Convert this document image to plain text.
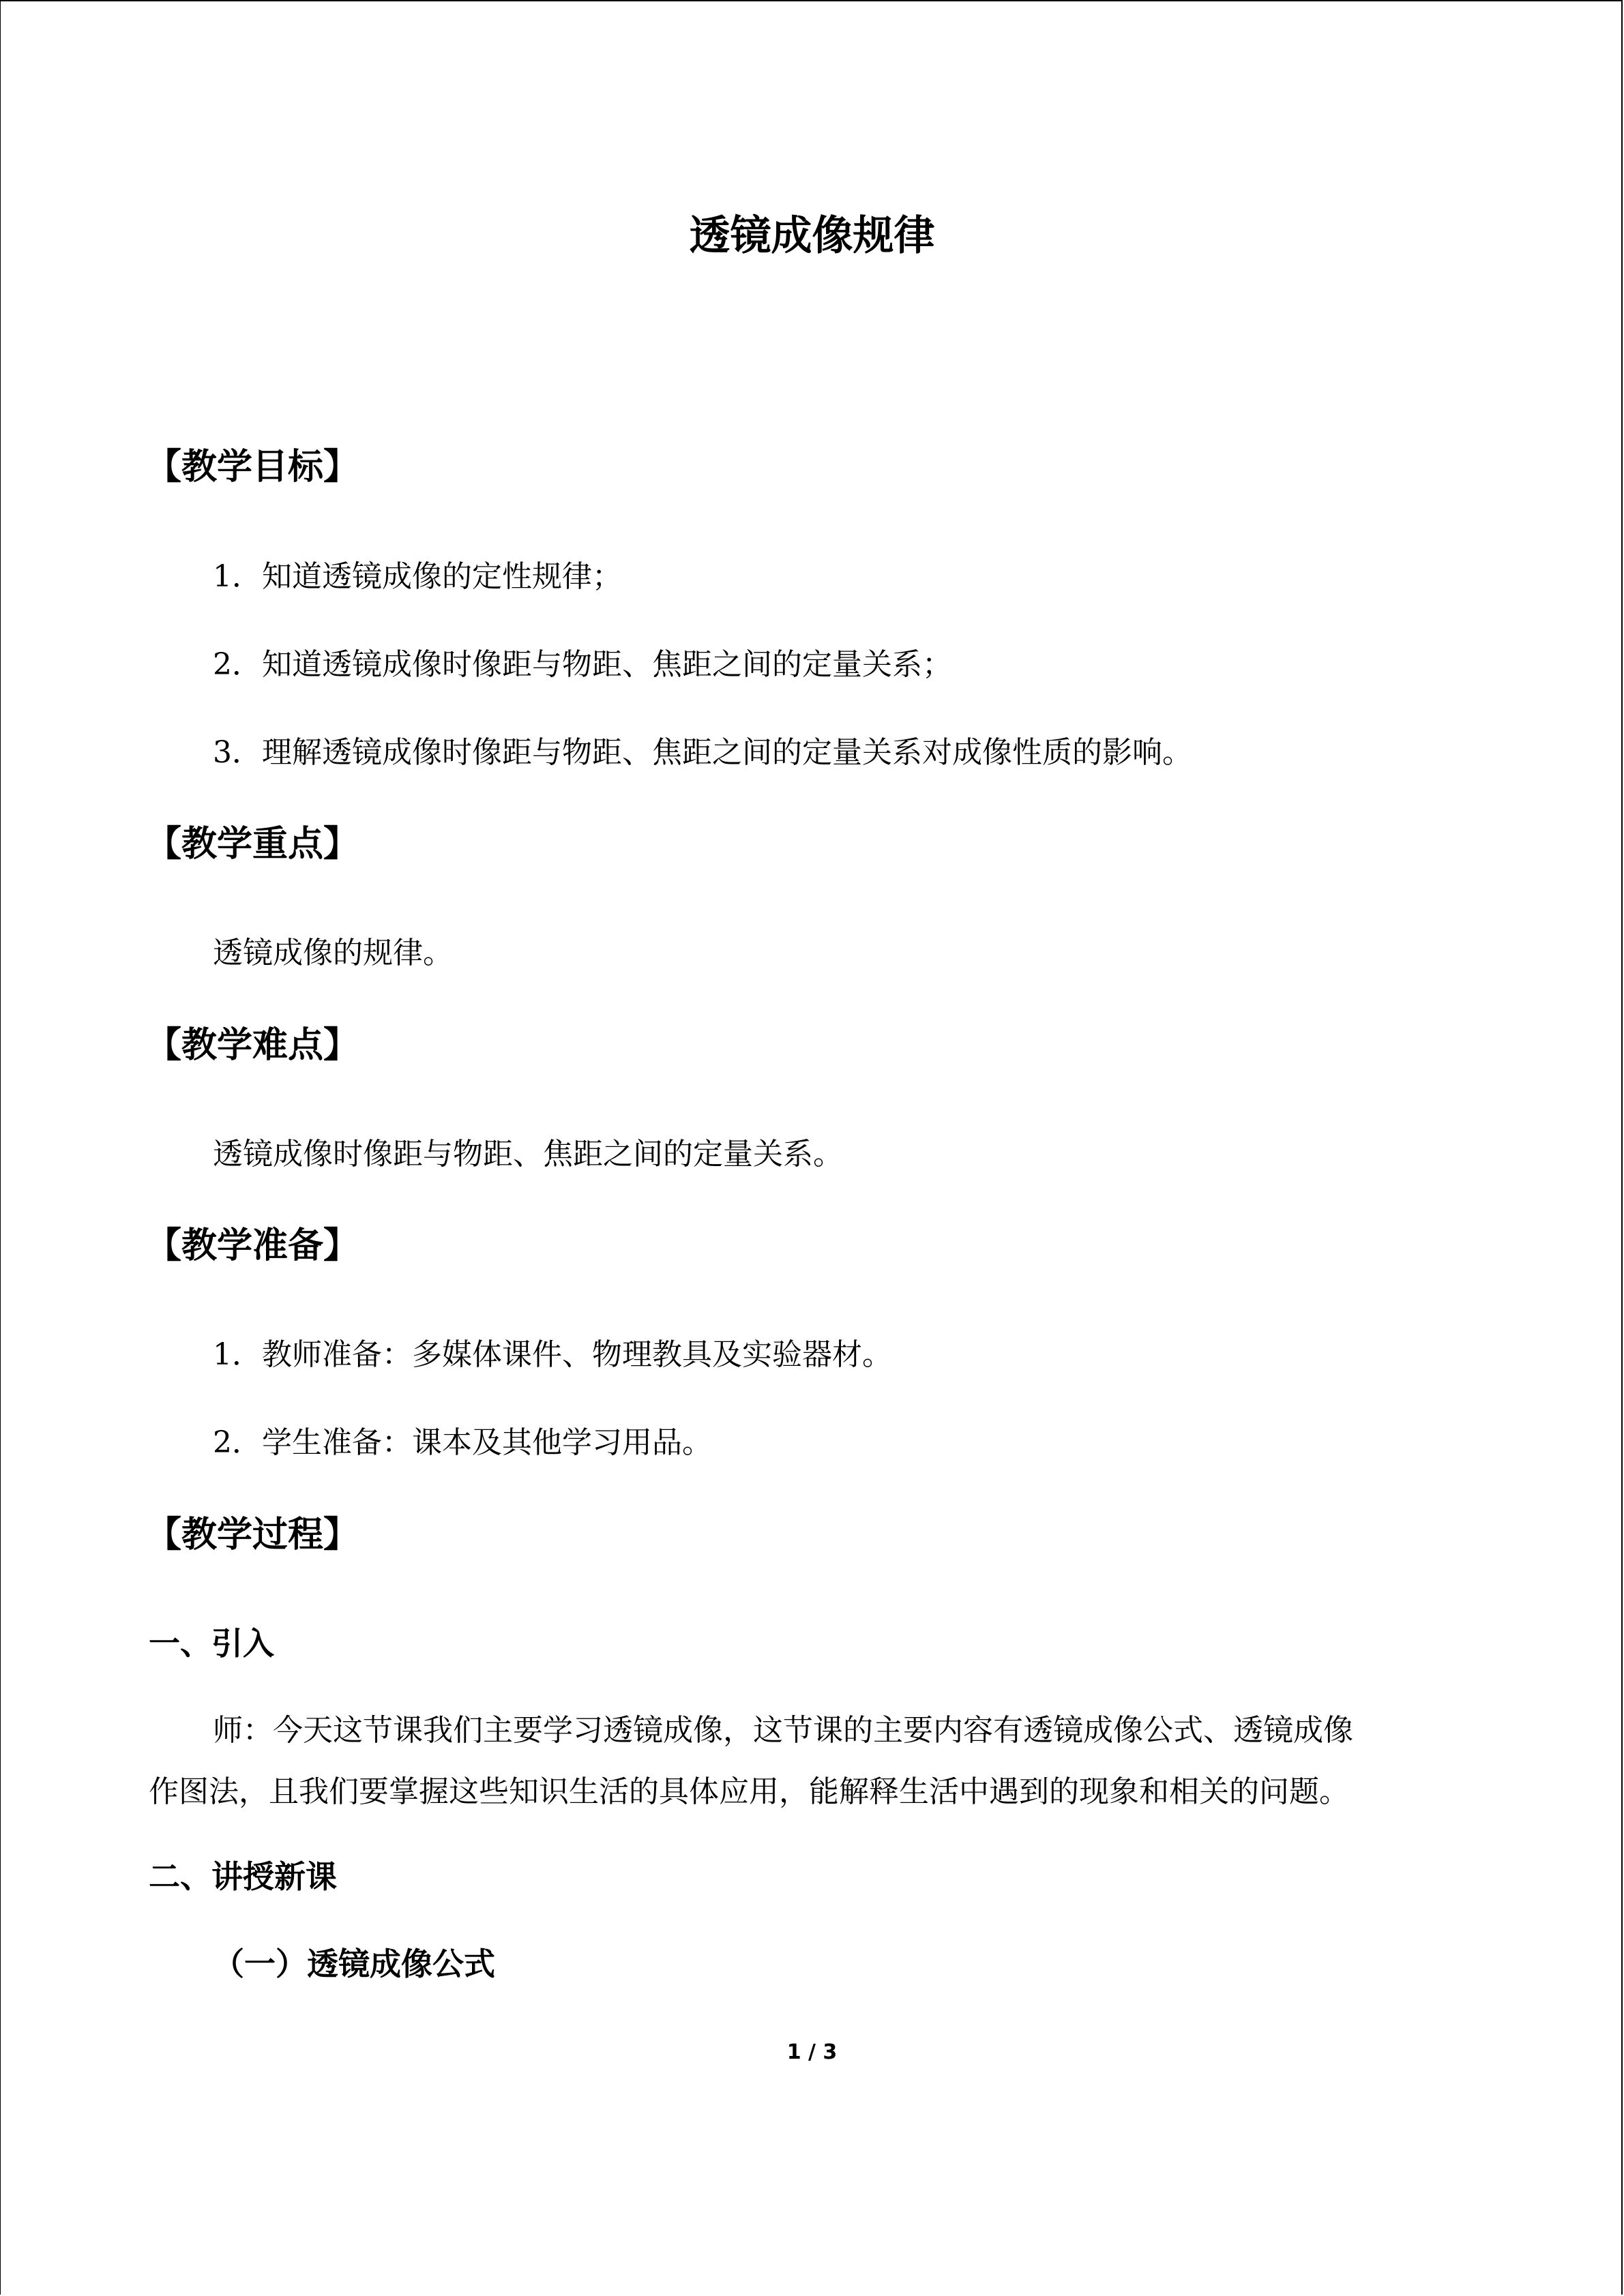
透镜成像规律
【教学目标】

1．知道透镜成像的定性规律；

2．知道透镜成像时像距与物距、焦距之间的定量关系；

3．理解透镜成像时像距与物距、焦距之间的定量关系对成像性质的影响。

【教学重点】

透镜成像的规律。

【教学难点】

透镜成像时像距与物距、焦距之间的定量关系。

【教学准备】

1．教师准备：多媒体课件、物理教具及实验器材。

2．学生准备：课本及其他学习用品。

【教学过程】
一、引入

师：今天这节课我们主要学习透镜成像，这节课的主要内容有透镜成像公式、透镜成像

作图法，且我们要掌握这些知识生活的具体应用，能解释生活中遇到的现象和相关的问题。

二、讲授新课
（一）透镜成像公式
1 / 3
